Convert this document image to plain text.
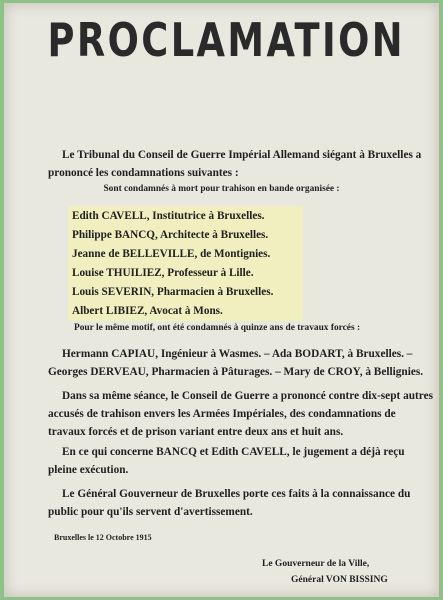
PROCLAMATION
Le Tribunal du Conseil de Guerre Impérial Allemand siégant à Bruxelles a prononcé les condamnations suivantes :
Sont condamnés à mort pour trahison en bande organisée :
Edith CAVELL, Institutrice à Bruxelles.
Philippe BANCQ, Architecte à Bruxelles.
Jeanne de BELLEVILLE, de Montignies.
Louise THUILIEZ, Professeur à Lille.
Louis SEVERIN, Pharmacien à Bruxelles.
Albert LIBIEZ, Avocat à Mons.
Pour le même motif, ont été condamnés à quinze ans de travaux forcés :
Hermann CAPIAU, Ingénieur à Wasmes. – Ada BODART, à Bruxelles. – Georges DERVEAU, Pharmacien à Pâturages. – Mary de CROY, à Bellignies.
Dans sa même séance, le Conseil de Guerre a prononcé contre dix-sept autres accusés de trahison envers les Armées Impériales, des condamnations de travaux forcés et de prison variant entre deux ans et huit ans.
En ce qui concerne BANCQ et Edith CAVELL, le jugement a déjà reçu pleine exécution.
Le Général Gouverneur de Bruxelles porte ces faits à la connaissance du public pour qu'ils servent d'avertissement.
Bruxelles le 12 Octobre 1915
Le Gouverneur de la Ville,
Général VON BISSING
